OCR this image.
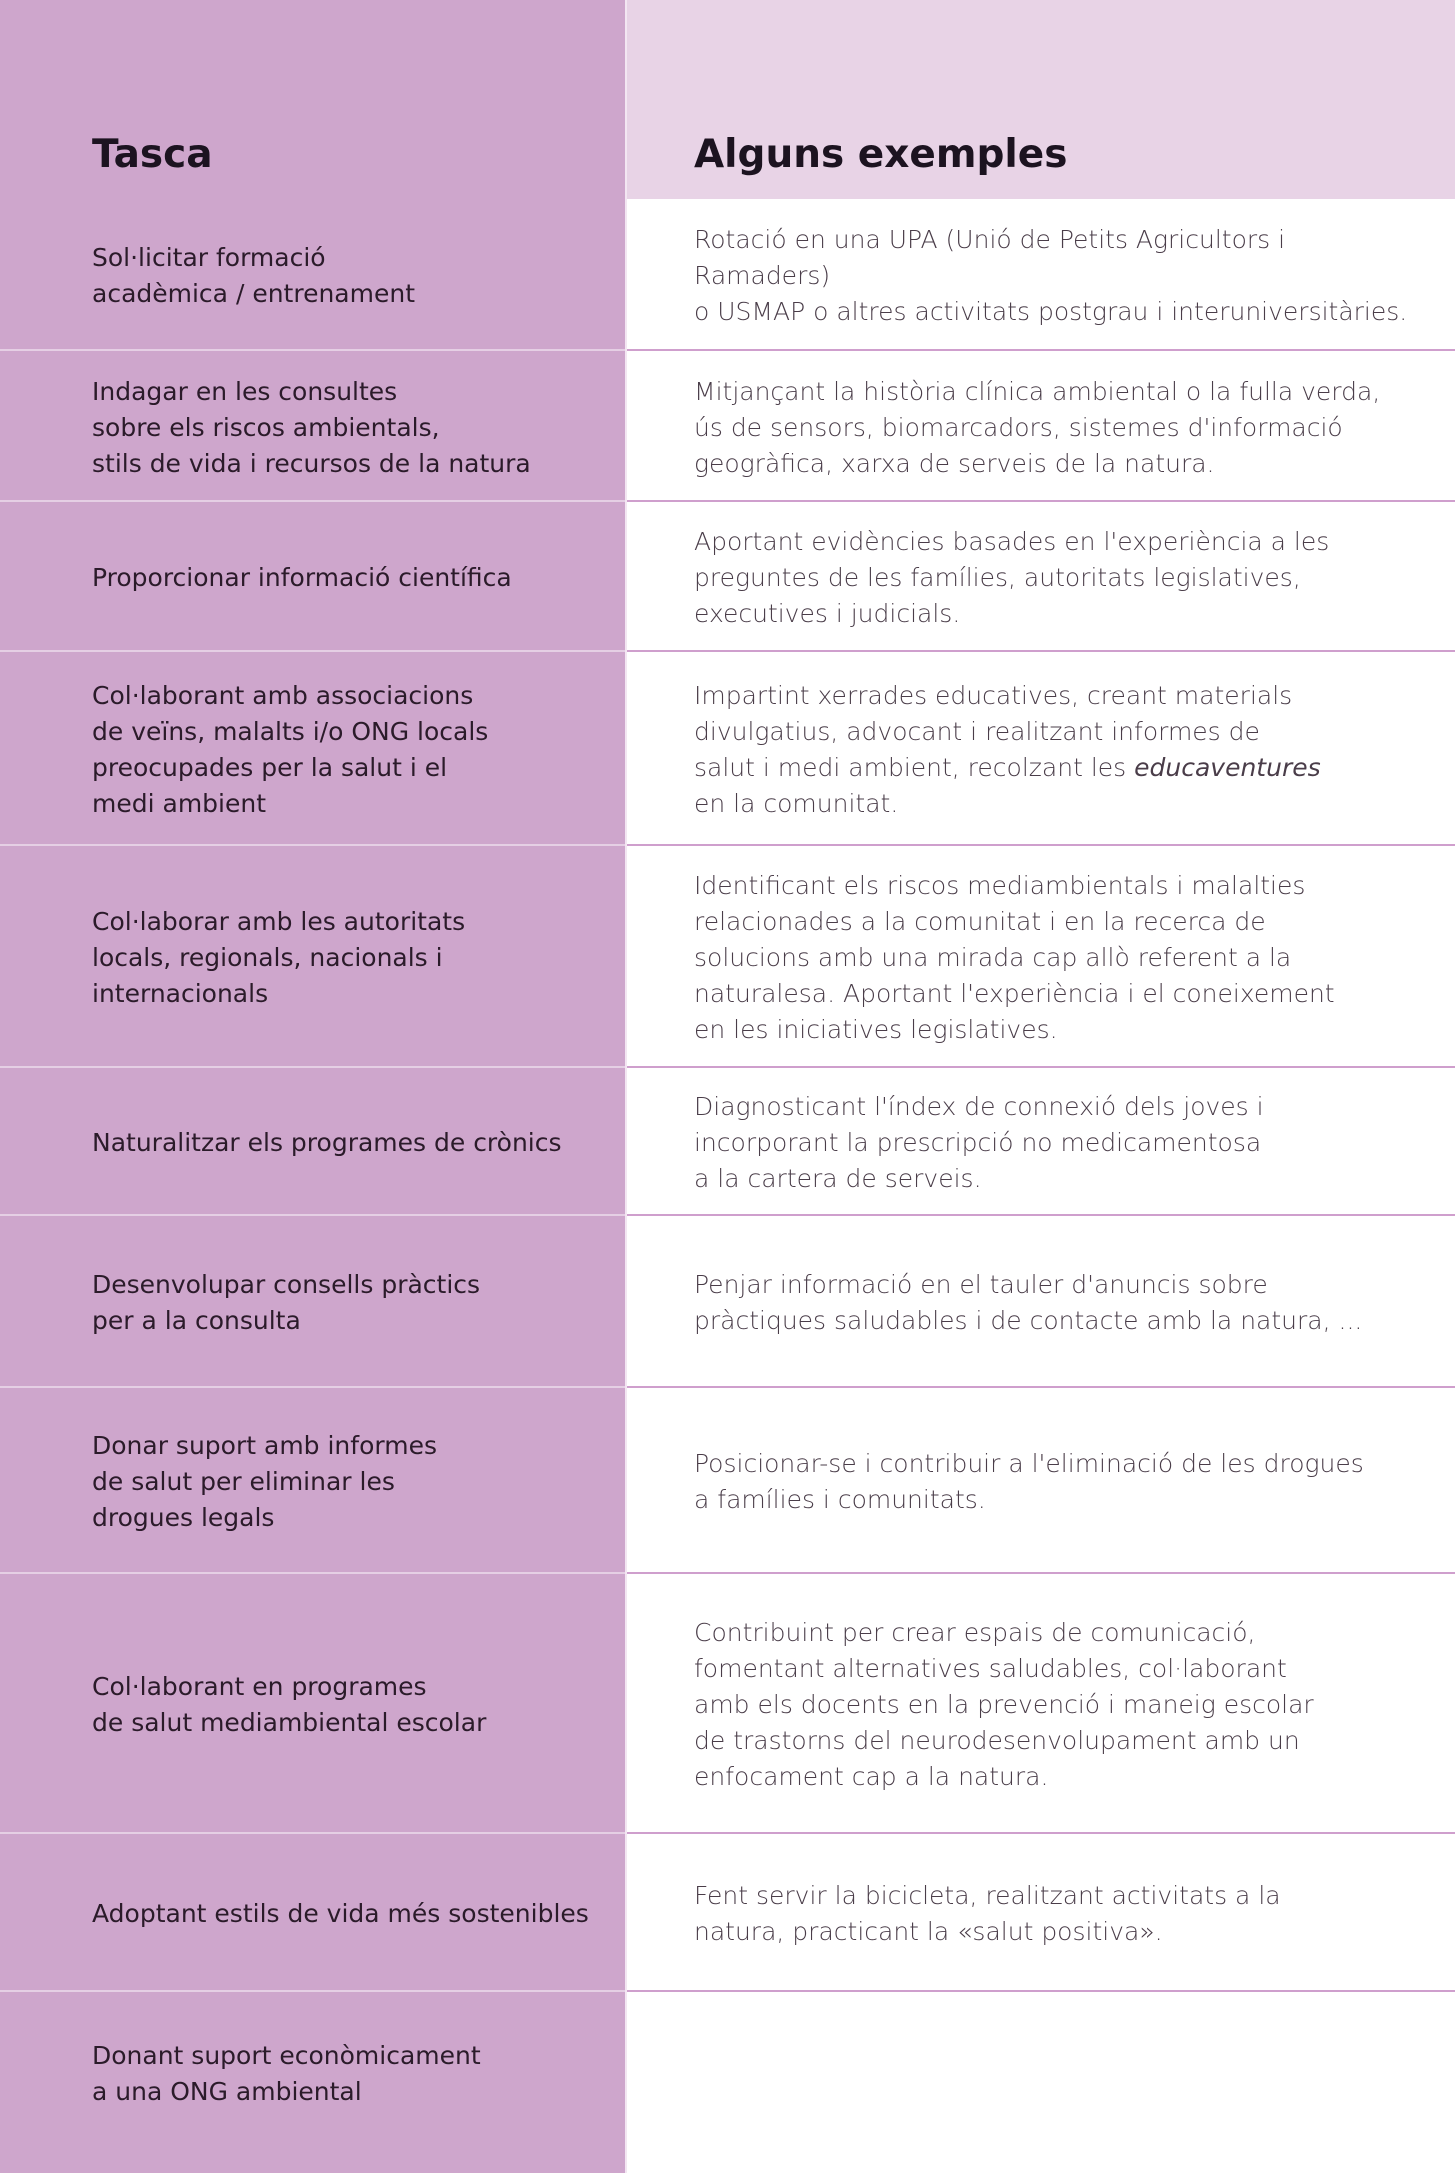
Tasca	Alguns exemples
Sol·licitar formació
acadèmica / entrenament
Rotació en una UPA (Unió de Petits Agricultors i Ramaders)
o USMAP o altres activitats postgrau i interuniversitàries.
Indagar en les consultes
sobre els riscos ambientals,
stils de vida i recursos de la natura
Mitjançant la història clínica ambiental o la fulla verda,
ús de sensors, biomarcadors, sistemes d'informació
geogràfica, xarxa de serveis de la natura.
Proporcionar informació científica
Aportant evidències basades en l'experiència a les
preguntes de les famílies, autoritats legislatives,
executives i judicials.
Col·laborant amb associacions
de veïns, malalts i/o ONG locals
preocupades per la salut i el
medi ambient
Impartint xerrades educatives, creant materials
divulgatius, advocant i realitzant informes de
salut i medi ambient, recolzant les educaventures
en la comunitat.
Col·laborar amb les autoritats
locals, regionals, nacionals i
internacionals
Identificant els riscos mediambientals i malalties
relacionades a la comunitat i en la recerca de
solucions amb una mirada cap allò referent a la
naturalesa. Aportant l'experiència i el coneixement
en les iniciatives legislatives.
Naturalitzar els programes de crònics
Diagnosticant l'índex de connexió dels joves i
incorporant la prescripció no medicamentosa
a la cartera de serveis.
Desenvolupar consells pràctics
per a la consulta
Penjar informació en el tauler d'anuncis sobre
pràctiques saludables i de contacte amb la natura, ...
Donar suport amb informes
de salut per eliminar les
drogues legals
Posicionar-se i contribuir a l'eliminació de les drogues
a famílies i comunitats.
Col·laborant en programes
de salut mediambiental escolar
Contribuint per crear espais de comunicació,
fomentant alternatives saludables, col·laborant
amb els docents en la prevenció i maneig escolar
de trastorns del neurodesenvolupament amb un
enfocament cap a la natura.
Adoptant estils de vida més sostenibles
Fent servir la bicicleta, realitzant activitats a la
natura, practicant la «salut positiva».
Donant suport econòmicament
a una ONG ambiental
